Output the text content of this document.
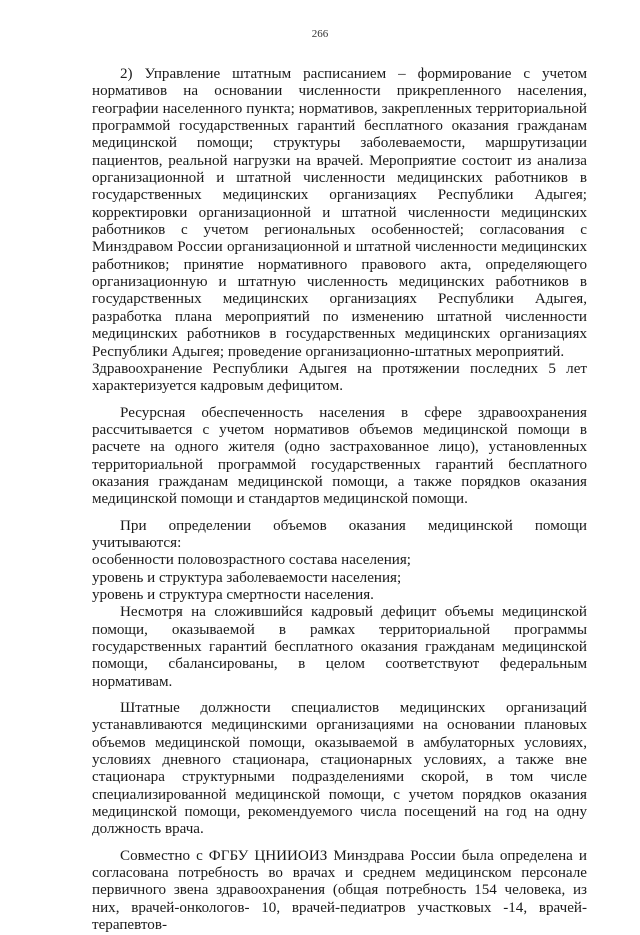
266

2) Управление штатным расписанием – формирование с учетом нормативов на основании численности прикрепленного населения, географии населенного пункта; нормативов, закрепленных территориальной программой государственных гарантий бесплатного оказания гражданам медицинской помощи; структуры заболеваемости, маршрутизации пациентов, реальной нагрузки на врачей. Мероприятие состоит из анализа организационной и штатной численности медицинских работников в государственных медицинских организациях Республики Адыгея; корректировки организационной и штатной численности медицинских работников с учетом региональных особенностей; согласования с Минздравом России организационной и штатной численности медицинских работников; принятие нормативного правового акта, определяющего организационную и штатную численность медицинских работников в государственных медицинских организациях Республики Адыгея, разработка плана мероприятий по изменению штатной численности медицинских работников в государственных медицинских организациях Республики Адыгея; проведение организационно-штатных мероприятий.

Здравоохранение Республики Адыгея на протяжении последних 5 лет характеризуется кадровым дефицитом.

Ресурсная обеспеченность населения в сфере здравоохранения рассчитывается с учетом нормативов объемов медицинской помощи в расчете на одного жителя (одно застрахованное лицо), установленных территориальной программой государственных гарантий бесплатного оказания гражданам медицинской помощи, а также порядков оказания медицинской помощи и стандартов медицинской помощи.

При определении объемов оказания медицинской помощи учитываются:

особенности половозрастного состава населения;

уровень и структура заболеваемости населения;

уровень и структура смертности населения.

Несмотря на сложившийся кадровый дефицит объемы медицинской помощи, оказываемой в рамках территориальной программы государственных гарантий бесплатного оказания гражданам медицинской помощи, сбалансированы, в целом соответствуют федеральным нормативам.

Штатные должности специалистов медицинских организаций устанавливаются медицинскими организациями на основании плановых объемов медицинской помощи, оказываемой в амбулаторных условиях, условиях дневного стационара, стационарных условиях, а также вне стационара структурными подразделениями скорой, в том числе специализированной медицинской помощи, с учетом порядков оказания медицинской помощи, рекомендуемого числа посещений на год на одну должность врача.

Совместно с ФГБУ ЦНИИОИЗ Минздрава России была определена и согласована потребность во врачах и среднем медицинском персонале первичного звена здравоохранения (общая потребность 154 человека, из них, врачей-онкологов- 10, врачей-педиатров участковых -14, врачей-терапевтов-
